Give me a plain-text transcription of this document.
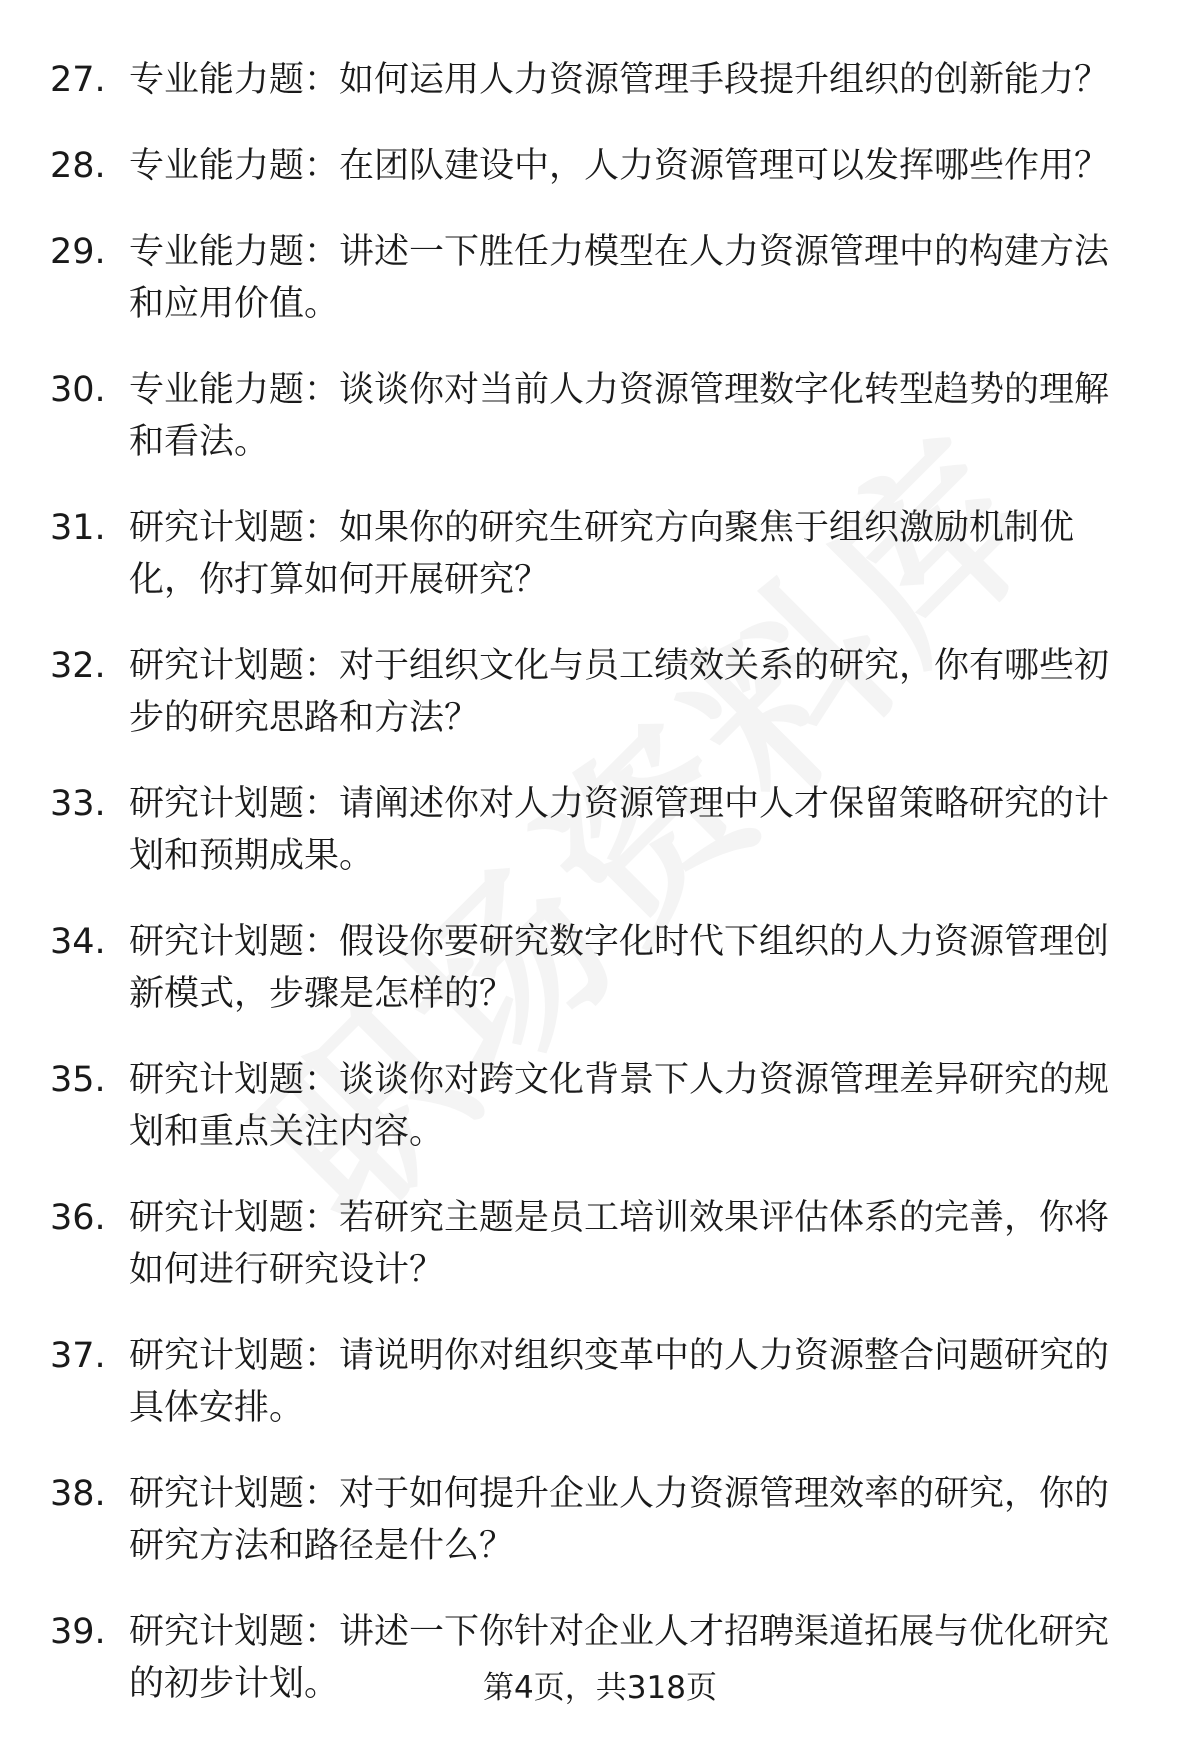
27. 专业能力题：如何运用人力资源管理手段提升组织的创新能力？
28. 专业能力题：在团队建设中，人力资源管理可以发挥哪些作用？
29. 专业能力题：讲述一下胜任力模型在人力资源管理中的构建方法和应用价值。
30. 专业能力题：谈谈你对当前人力资源管理数字化转型趋势的理解和看法。
31. 研究计划题：如果你的研究生研究方向聚焦于组织激励机制优化，你打算如何开展研究？
32. 研究计划题：对于组织文化与员工绩效关系的研究，你有哪些初步的研究思路和方法？
33. 研究计划题：请阐述你对人力资源管理中人才保留策略研究的计划和预期成果。
34. 研究计划题：假设你要研究数字化时代下组织的人力资源管理创新模式，步骤是怎样的？
35. 研究计划题：谈谈你对跨文化背景下人力资源管理差异研究的规划和重点关注内容。
36. 研究计划题：若研究主题是员工培训效果评估体系的完善，你将如何进行研究设计？
37. 研究计划题：请说明你对组织变革中的人力资源整合问题研究的具体安排。
38. 研究计划题：对于如何提升企业人力资源管理效率的研究，你的研究方法和路径是什么？
39. 研究计划题：讲述一下你针对企业人才招聘渠道拓展与优化研究的初步计划。	第4页，共318页
